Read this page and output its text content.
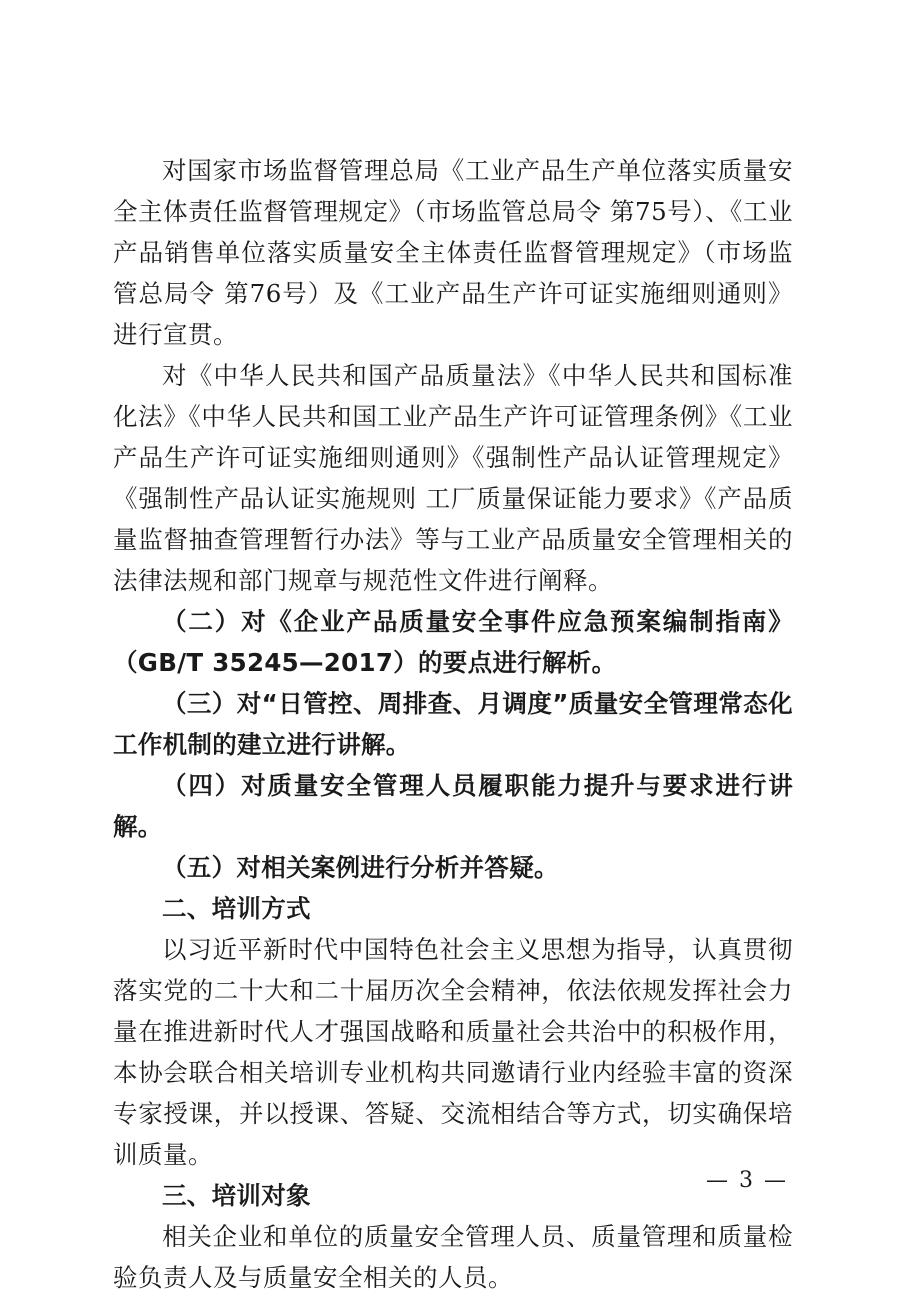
对国家市场监督管理总局《工业产品生产单位落实质量安全主体责任监督管理规定》（市场监管总局令 第75号）、《工业产品销售单位落实质量安全主体责任监督管理规定》（市场监管总局令 第76号）及《工业产品生产许可证实施细则通则》进行宣贯。

对《中华人民共和国产品质量法》《中华人民共和国标准化法》《中华人民共和国工业产品生产许可证管理条例》《工业产品生产许可证实施细则通则》《强制性产品认证管理规定》《强制性产品认证实施规则 工厂质量保证能力要求》《产品质量监督抽查管理暂行办法》等与工业产品质量安全管理相关的法律法规和部门规章与规范性文件进行阐释。

（二）对《企业产品质量安全事件应急预案编制指南》（GB/T 35245—2017）的要点进行解析。

（三）对“日管控、周排查、月调度”质量安全管理常态化工作机制的建立进行讲解。

（四）对质量安全管理人员履职能力提升与要求进行讲解。

（五）对相关案例进行分析并答疑。

二、培训方式

以习近平新时代中国特色社会主义思想为指导，认真贯彻落实党的二十大和二十届历次全会精神，依法依规发挥社会力量在推进新时代人才强国战略和质量社会共治中的积极作用，本协会联合相关培训专业机构共同邀请行业内经验丰富的资深专家授课，并以授课、答疑、交流相结合等方式，切实确保培训质量。

三、培训对象

相关企业和单位的质量安全管理人员、质量管理和质量检验负责人及与质量安全相关的人员。

— 3 —
